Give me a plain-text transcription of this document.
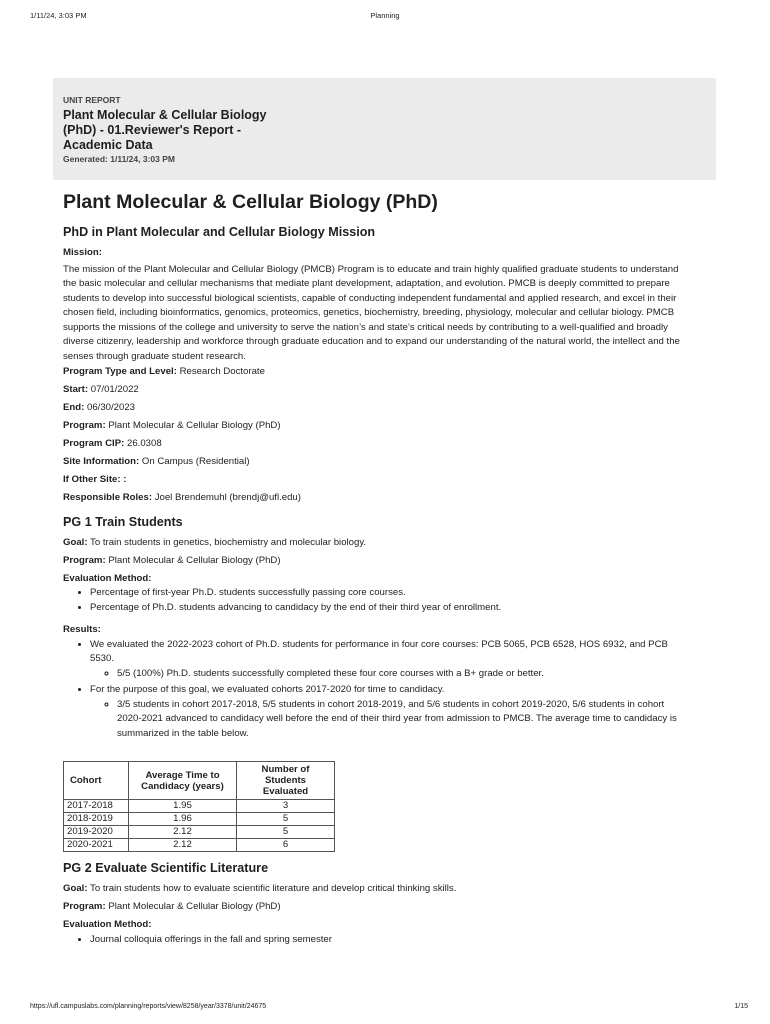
1/11/24, 3:03 PM	Planning
UNIT REPORT
Plant Molecular & Cellular Biology (PhD) - 01.Reviewer's Report - Academic Data
Generated: 1/11/24, 3:03 PM
Plant Molecular & Cellular Biology (PhD)
PhD in Plant Molecular and Cellular Biology Mission
Mission:
The mission of the Plant Molecular and Cellular Biology (PMCB) Program is to educate and train highly qualified graduate students to understand the basic molecular and cellular mechanisms that mediate plant development, adaptation, and evolution. PMCB is deeply committed to prepare students to develop into successful biological scientists, capable of conducting independent fundamental and applied research, and excel in their chosen field, including bioinformatics, genomics, proteomics, genetics, biochemistry, breeding, physiology, molecular and cellular biology. PMCB supports the missions of the college and university to serve the nation’s and state’s critical needs by contributing to a well-qualified and broadly diverse citizenry, leadership and workforce through graduate education and to expand our understanding of the natural world, the intellect and the senses through graduate student research.
Program Type and Level: Research Doctorate
Start: 07/01/2022
End: 06/30/2023
Program: Plant Molecular & Cellular Biology (PhD)
Program CIP: 26.0308
Site Information: On Campus (Residential)
If Other Site: :
Responsible Roles: Joel Brendemuhl (brendj@ufl.edu)
PG 1 Train Students
Goal: To train students in genetics, biochemistry and molecular biology.
Program: Plant Molecular & Cellular Biology (PhD)
Evaluation Method:
• Percentage of first-year Ph.D. students successfully passing core courses.
• Percentage of Ph.D. students advancing to candidacy by the end of their third year of enrollment.
Results:
• We evaluated the 2022-2023 cohort of Ph.D. students for performance in four core courses: PCB 5065, PCB 6528, HOS 6932, and PCB 5530.
◦ 5/5 (100%) Ph.D. students successfully completed these four core courses with a B+ grade or better.
• For the purpose of this goal, we evaluated cohorts 2017-2020 for time to candidacy.
◦ 3/5 students in cohort 2017-2018, 5/5 students in cohort 2018-2019, and 5/6 students in cohort 2019-2020, 5/6 students in cohort 2020-2021 advanced to candidacy well before the end of their third year from admission to PMCB. The average time to candidacy is summarized in the table below.
Cohort	Average Time to Candidacy (years)	Number of Students Evaluated
2017-2018	1.95	3
2018-2019	1.96	5
2019-2020	2.12	5
2020-2021	2.12	6
PG 2 Evaluate Scientific Literature
Goal: To train students how to evaluate scientific literature and develop critical thinking skills.
Program: Plant Molecular & Cellular Biology (PhD)
Evaluation Method:
• Journal colloquia offerings in the fall and spring semester
https://ufl.campuslabs.com/planning/reports/view/8258/year/3378/unit/24675	1/15
